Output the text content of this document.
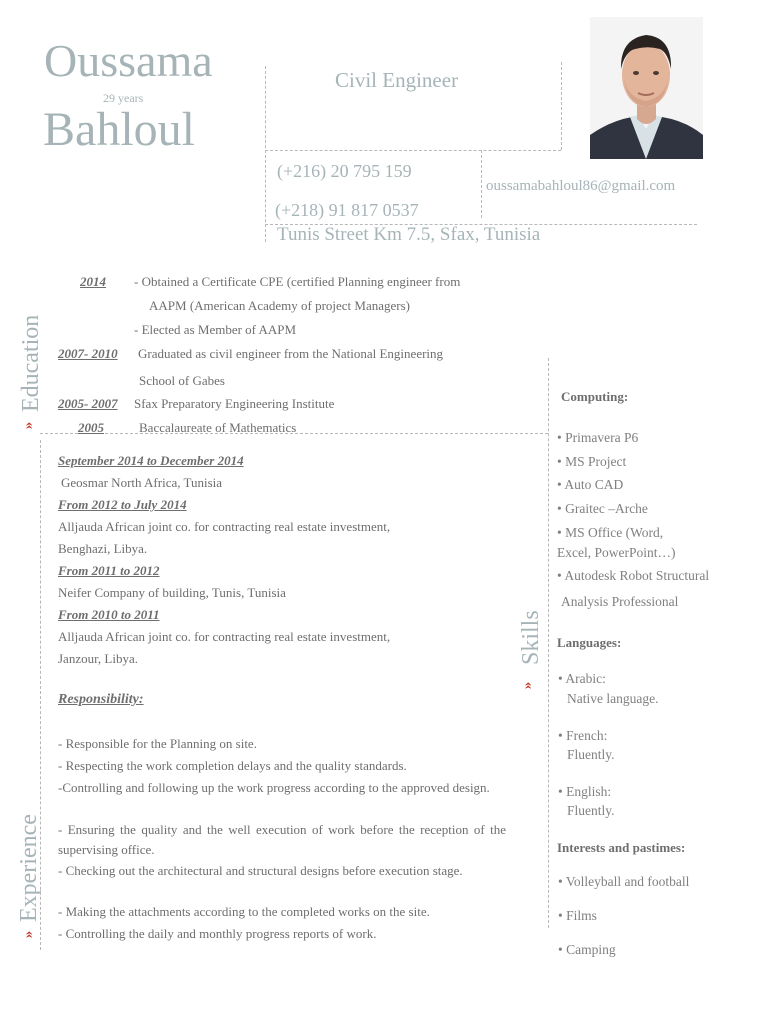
Oussama
29 years
Bahloul
Civil Engineer
(+216) 20 795 159
(+218) 91 817 0537
oussamabahloul86@gmail.com
Tunis Street Km 7.5, Sfax, Tunisia
Education
»
Experience
»
Skills
»
2014 - Obtained a Certificate CPE (certified Planning engineer from
AAPM (American Academy of project Managers)
- Elected as Member of AAPM
2007- 2010 Graduated as civil engineer from the National Engineering
School of Gabes
2005- 2007 Sfax Preparatory Engineering Institute
2005	Baccalaureate of Mathematics
September 2014 to December 2014
Geosmar North Africa, Tunisia
From 2012 to July 2014
Alljauda African joint co. for contracting real estate investment,
Benghazi, Libya.
From 2011 to 2012
Neifer Company of building, Tunis, Tunisia
From 2010 to 2011
Alljauda African joint co. for contracting real estate investment,
Janzour, Libya.
Responsibility:
- Responsible for the Planning on site.
- Respecting the work completion delays and the quality standards.
-Controlling and following up the work progress according to the approved design.
- Ensuring the quality and the well execution of work before the reception of the supervising office.
- Checking out the architectural and structural designs before execution stage.
- Making the attachments according to the completed works on the site.
- Controlling the daily and monthly progress reports of work.
Computing:
• Primavera P6
• MS Project
• Auto CAD
• Graitec –Arche
• MS Office (Word,
Excel, PowerPoint…)
• Autodesk Robot Structural
Analysis Professional
Languages:
• Arabic:
Native language.
• French:
Fluently.
• English:
Fluently.
Interests and pastimes:
• Volleyball and football
• Films
• Camping
